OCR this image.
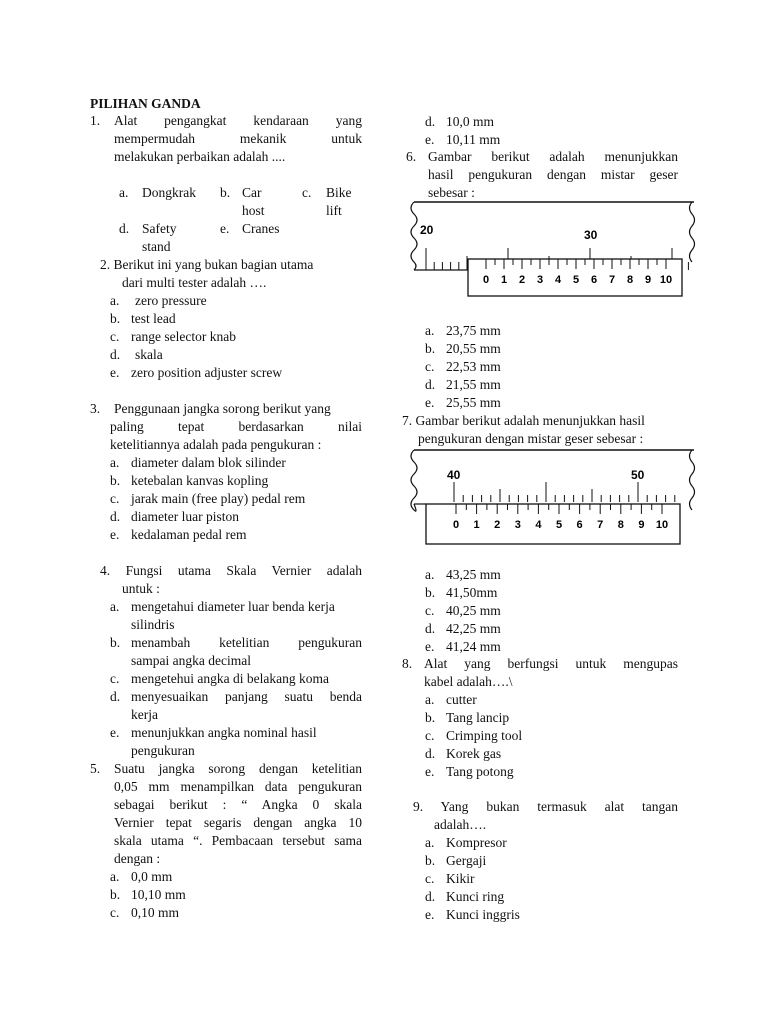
PILIHAN GANDA
1. Alat pengangkat kendaraan yang
mempermudah mekanik untuk
melakukan perbaikan adalah ....
a. Dongkrak b. Car
host
c. Bike
lift
d. Safety
stand
e. Cranes
2. Berikut ini yang bukan bagian utama
dari multi tester adalah ….
a. zero pressure
b. test lead
c. range selector knab
d. skala
e. zero position adjuster screw
3. Penggunaan jangka sorong berikut yang
paling tepat berdasarkan nilai
ketelitiannya adalah pada pengukuran :
a. diameter dalam blok silinder
b. ketebalan kanvas kopling
c. jarak main (free play) pedal rem
d. diameter luar piston
e. kedalaman pedal rem
4. Fungsi utama Skala Vernier adalah
untuk :
a. mengetahui diameter luar benda kerja
silindris
b. menambah ketelitian pengukuran
sampai angka decimal
c. mengetehui angka di belakang koma
d. menyesuaikan panjang suatu benda
kerja
e. menunjukkan angka nominal hasil
pengukuran
5. Suatu jangka sorong dengan ketelitian
0,05 mm menampilkan data pengukuran
sebagai berikut : “ Angka 0 skala
Vernier tepat segaris dengan angka 10
skala utama “. Pembacaan tersebut sama
dengan :
a. 0,0 mm
b. 10,10 mm
c. 0,10 mm
d. 10,0 mm
e. 10,11 mm
6. Gambar berikut adalah menunjukkan
hasil pengukuran dengan mistar geser
sebesar :
20	30
0 1 2 3 4 5 6 7 8 9 10
a. 23,75 mm
b. 20,55 mm
c. 22,53 mm
d. 21,55 mm
e. 25,55 mm
7. Gambar berikut adalah menunjukkan hasil
pengukuran dengan mistar geser sebesar :
40	50
0 1 2 3 4 5 6 7 8 9 10
a. 43,25 mm
b. 41,50mm
c. 40,25 mm
d. 42,25 mm
e. 41,24 mm
8. Alat yang berfungsi untuk mengupas
kabel adalah….\
a. cutter
b. Tang lancip
c. Crimping tool
d. Korek gas
e. Tang potong
9. Yang bukan termasuk alat tangan
adalah….
a. Kompresor
b. Gergaji
c. Kikir
d. Kunci ring
e. Kunci inggris
